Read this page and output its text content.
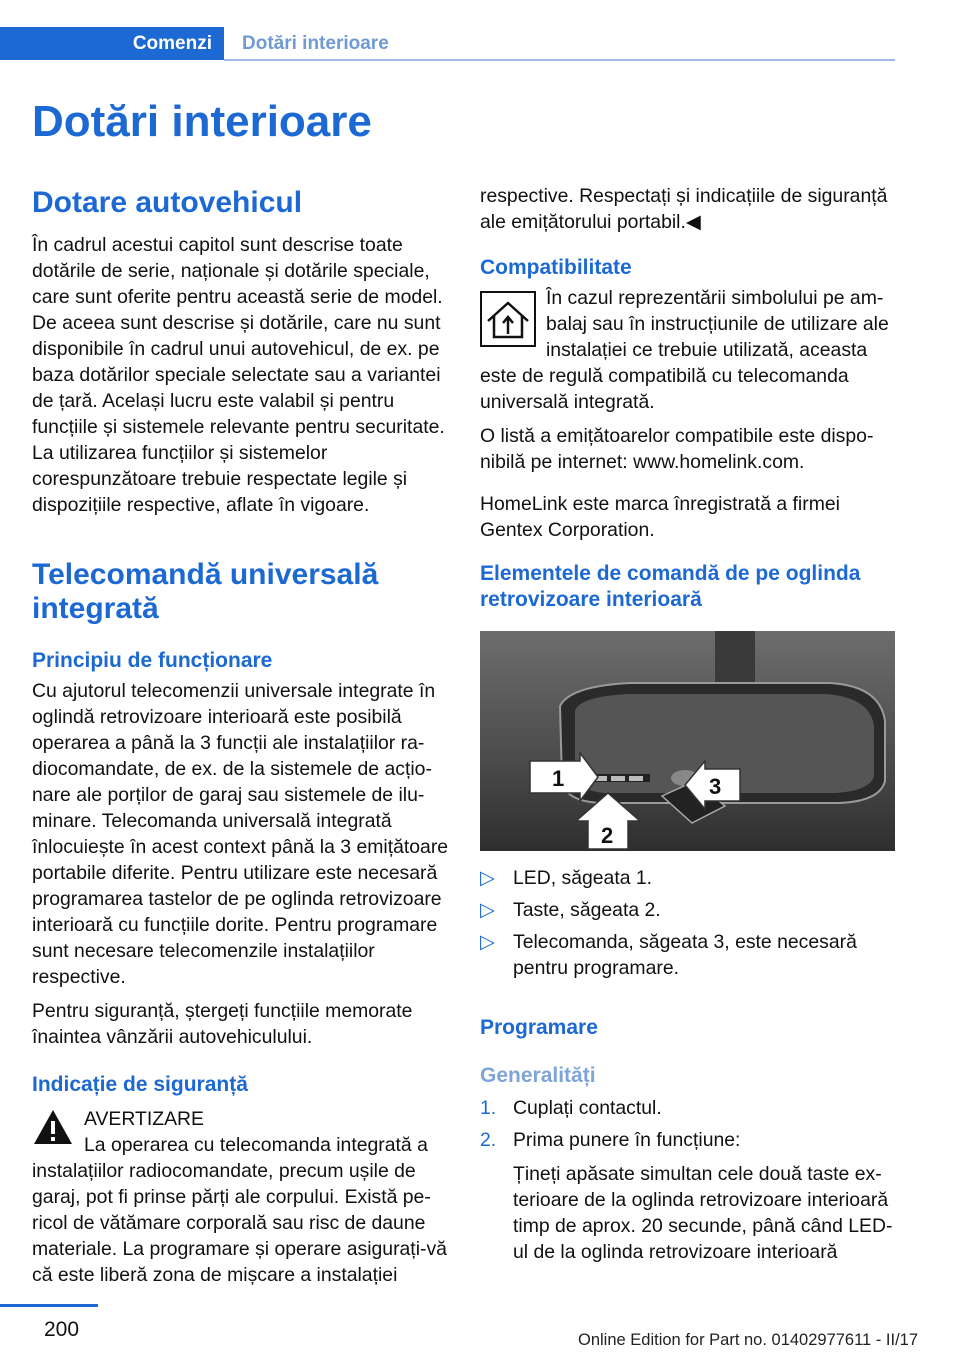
Comenzi	Dotări interioare
Dotări interioare
Dotare autovehicul

În cadrul acestui capitol sunt descrise toate dotările de serie, naționale și dotările speciale, care sunt oferite pentru această serie de model. De aceea sunt descrise și dotările, care nu sunt disponibile în cadrul unui autovehicul, de ex. pe baza dotărilor speciale selectate sau a variantei de țară. Același lucru este valabil și pentru funcțiile și sistemele relevante pentru securitate. La utilizarea funcțiilor și sistemelor corespunzătoare trebuie respectate legile și dispozițiile respective, aflate în vigoare.

Telecomandă universală integrată
Principiu de funcționare

Cu ajutorul telecomenzii universale integrate în oglindă retrovizoare interioară este posibilă operarea a până la 3 funcții ale instalațiilor radiocomandate, de ex. de la sistemele de acționare ale porților de garaj sau sistemele de iluminare. Telecomanda universală integrată înlocuiește în acest context până la 3 emițătoare portabile diferite. Pentru utilizare este necesară programarea tastelor de pe oglinda retrovizoare interioară cu funcțiile dorite. Pentru programare sunt necesare telecomenzile instalațiilor respective.

Pentru siguranță, ștergeți funcțiile memorate înaintea vânzării autovehiculului.

Indicație de siguranță

AVERTIZARE

La operarea cu telecomanda integrată a

instalațiilor radiocomandate, precum ușile de garaj, pot fi prinse părți ale corpului. Există pericol de vătămare corporală sau risc de daune materiale. La programare și operare asigurați-vă că este liberă zona de mișcare a instalației

respective. Respectați și indicațiile de siguranță ale emițătorului portabil.◀

Compatibilitate

În cazul reprezentării simbolului pe ambalaj sau în instrucțiunile de utilizare ale instalației ce trebuie utilizată, aceasta

este de regulă compatibilă cu telecomanda universală integrată.

O listă a emițătoarelor compatibile este disponibilă pe internet: www.homelink.com.

HomeLink este marca înregistrată a firmei Gentex Corporation.

Elementele de comandă de pe oglinda retrovizoare interioară
1
2
3
▷ LED, săgeata 1.
▷ Taste, săgeata 2.
▷ Telecomanda, săgeata 3, este necesară pentru programare.
Programare
Generalități
1. Cuplați contactul.
2. Prima punere în funcțiune:

Țineți apăsate simultan cele două taste exterioare de la oglinda retrovizoare interioară timp de aprox. 20 secunde, până când LED-ul de la oglinda retrovizoare interioară

200	Online Edition for Part no. 01402977611 - II/17
